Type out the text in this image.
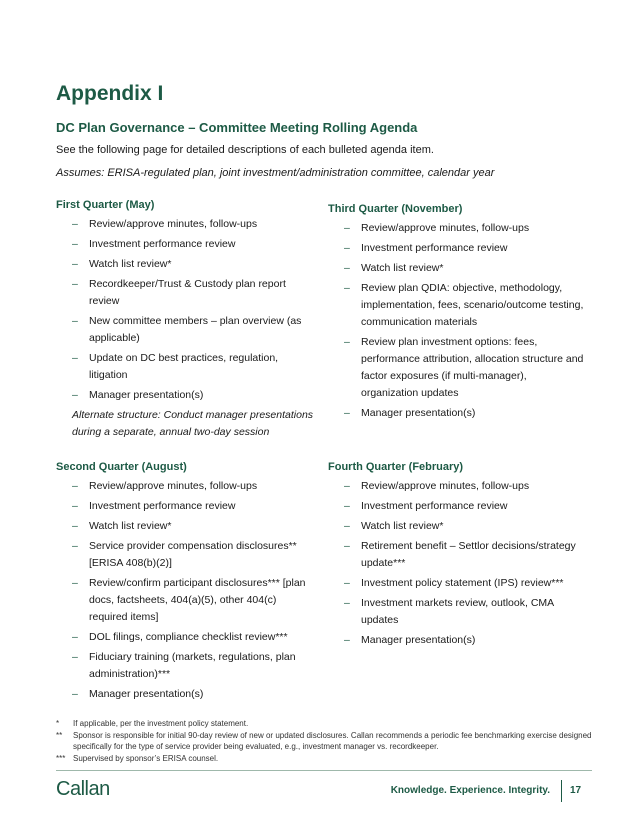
Appendix I
DC Plan Governance – Committee Meeting Rolling Agenda

See the following page for detailed descriptions of each bulleted agenda item.

Assumes: ERISA-regulated plan, joint investment/administration committee, calendar year

First Quarter (May)
– Review/approve minutes, follow-ups
– Investment performance review
– Watch list review*
– Recordkeeper/Trust & Custody plan report review
– New committee members – plan overview (as applicable)
– Update on DC best practices, regulation, litigation
– Manager presentation(s)

Alternate structure: Conduct manager presentations during a separate, annual two-day session

Third Quarter (November)
– Review/approve minutes, follow-ups
– Investment performance review
– Watch list review*
– Review plan QDIA: objective, methodology, implementation, fees, scenario/outcome testing, communication materials
– Review plan investment options: fees, performance attribution, allocation structure and factor exposures (if multi-manager), organization updates
– Manager presentation(s)
Second Quarter (August)
– Review/approve minutes, follow-ups
– Investment performance review
– Watch list review*
– Service provider compensation disclosures** [ERISA 408(b)(2)]
– Review/confirm participant disclosures*** [plan docs, factsheets, 404(a)(5), other 404(c) required items]
– DOL filings, compliance checklist review***
– Fiduciary training (markets, regulations, plan administration)***
– Manager presentation(s)
Fourth Quarter (February)
– Review/approve minutes, follow-ups
– Investment performance review
– Watch list review*
– Retirement benefit – Settlor decisions/strategy update***
– Investment policy statement (IPS) review***
– Investment markets review, outlook, CMA updates
– Manager presentation(s)
* If applicable, per the investment policy statement.
** Sponsor is responsible for initial 90-day review of new or updated disclosures. Callan recommends a periodic fee benchmarking exercise designed specifically for the type of service provider being evaluated, e.g., investment manager vs. recordkeeper.
*** Supervised by sponsor’s ERISA counsel.
Callan	Knowledge. Experience. Integrity. 17
